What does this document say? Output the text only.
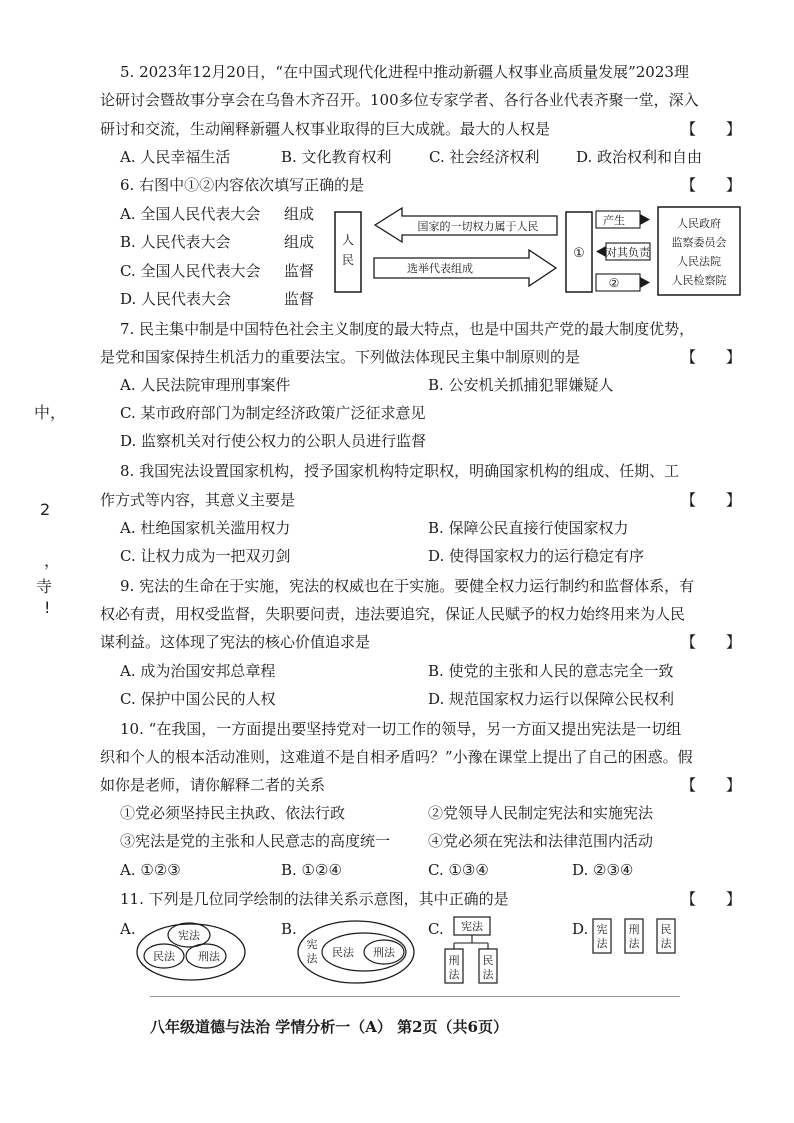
中，
2
，
寺
!
5. 2023年12月20日，“在中国式现代化进程中推动新疆人权事业高质量发展”2023理
论研讨会暨故事分享会在乌鲁木齐召开。100多位专家学者、各行各业代表齐聚一堂，深入
研讨和交流，生动阐释新疆人权事业取得的巨大成就。最大的人权是	【　　】
A. 人民幸福生活	B. 文化教育权利 C. 社会经济权利 D. 政治权利和自由
6. 右图中①②内容依次填写正确的是	【　　】
A. 全国人民代表大会 组成
B. 人民代表大会	组成
C. 全国人民代表大会 监督
D. 人民代表大会	监督
人
民
国家的一切权力属于人民
选举代表组成
①
产生
对其负责
②
人民政府
监察委员会
人民法院
人民检察院
7. 民主集中制是中国特色社会主义制度的最大特点，也是中国共产党的最大制度优势，
是党和国家保持生机活力的重要法宝。下列做法体现民主集中制原则的是	【　　】
A. 人民法院审理刑事案件	B. 公安机关抓捕犯罪嫌疑人
C. 某市政府部门为制定经济政策广泛征求意见
D. 监察机关对行使公权力的公职人员进行监督
8. 我国宪法设置国家机构，授予国家机构特定职权，明确国家机构的组成、任期、工
作方式等内容，其意义主要是	【　　】
A. 杜绝国家机关滥用权力	B. 保障公民直接行使国家权力
C. 让权力成为一把双刃剑	D. 使得国家权力的运行稳定有序
9. 宪法的生命在于实施，宪法的权威也在于实施。要健全权力运行制约和监督体系，有
权必有责，用权受监督，失职要问责，违法要追究，保证人民赋予的权力始终用来为人民
谋利益。这体现了宪法的核心价值追求是	【　　】
A. 成为治国安邦总章程	B. 使党的主张和人民的意志完全一致
C. 保护中国公民的人权	D. 规范国家权力运行以保障公民权利
10. “在我国，一方面提出要坚持党对一切工作的领导，另一方面又提出宪法是一切组
织和个人的根本活动准则，这难道不是自相矛盾吗？”小豫在课堂上提出了自己的困惑。假
如你是老师，请你解释二者的关系	【　　】
①党必须坚持民主执政、依法行政	②党领导人民制定宪法和实施宪法
③宪法是党的主张和人民意志的高度统一	④党必须在宪法和法律范围内活动
A. ①②③	B. ①②④	C. ①③④	D. ②③④
11. 下列是几位同学绘制的法律关系示意图，其中正确的是	【　　】
A.	B.	C.	D.
宪法
民法 刑法
宪
法 民法 刑法
宪法
刑
法
民
法
宪
法
刑
法
民
法
八年级道德与法治 学情分析一（A） 第2页（共6页）
